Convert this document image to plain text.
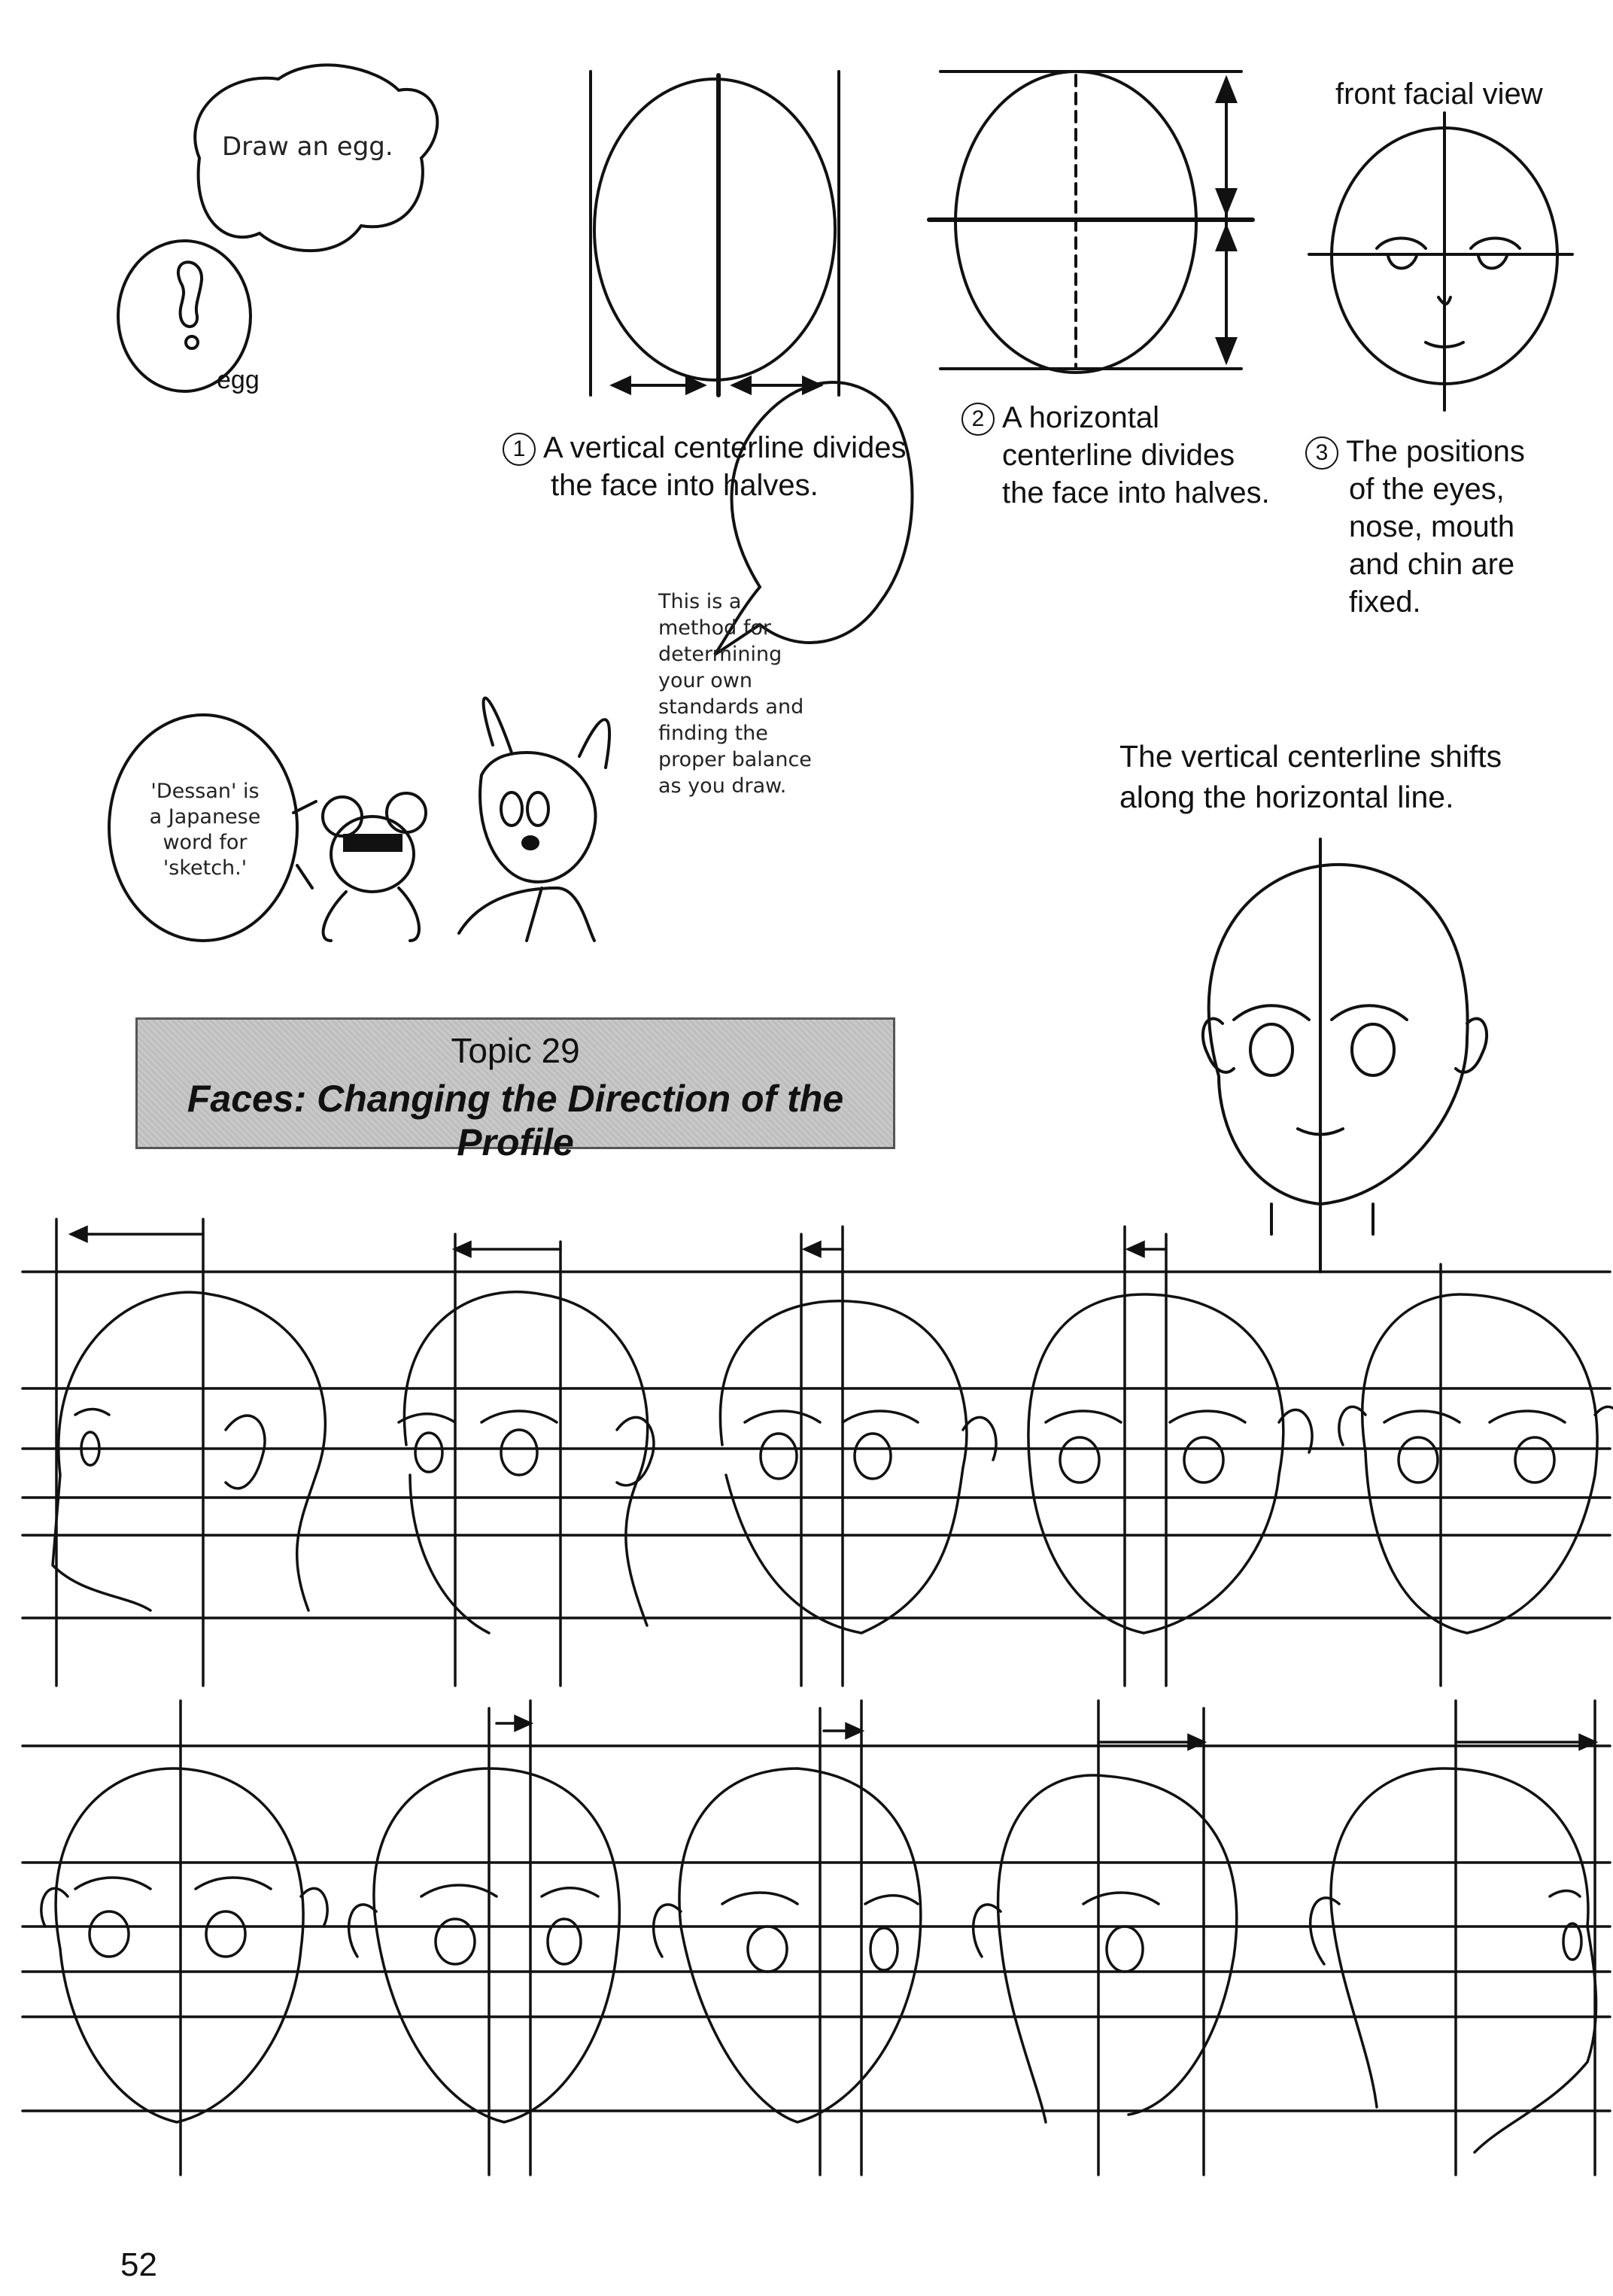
Draw an egg.
egg
front facial view
1 A vertical centerline divides
the face into halves.
2 A horizontal
centerline divides
the face into halves.
3 The positions
of the eyes,
nose, mouth
and chin are
fixed.
This is a
method for
determining
your own
standards and
finding the
proper balance
as you draw.
'Dessan' is
a Japanese
word for
'sketch.'
The vertical centerline shifts
along the horizontal line.
Topic 29
Faces: Changing the Direction of the Profile
52
